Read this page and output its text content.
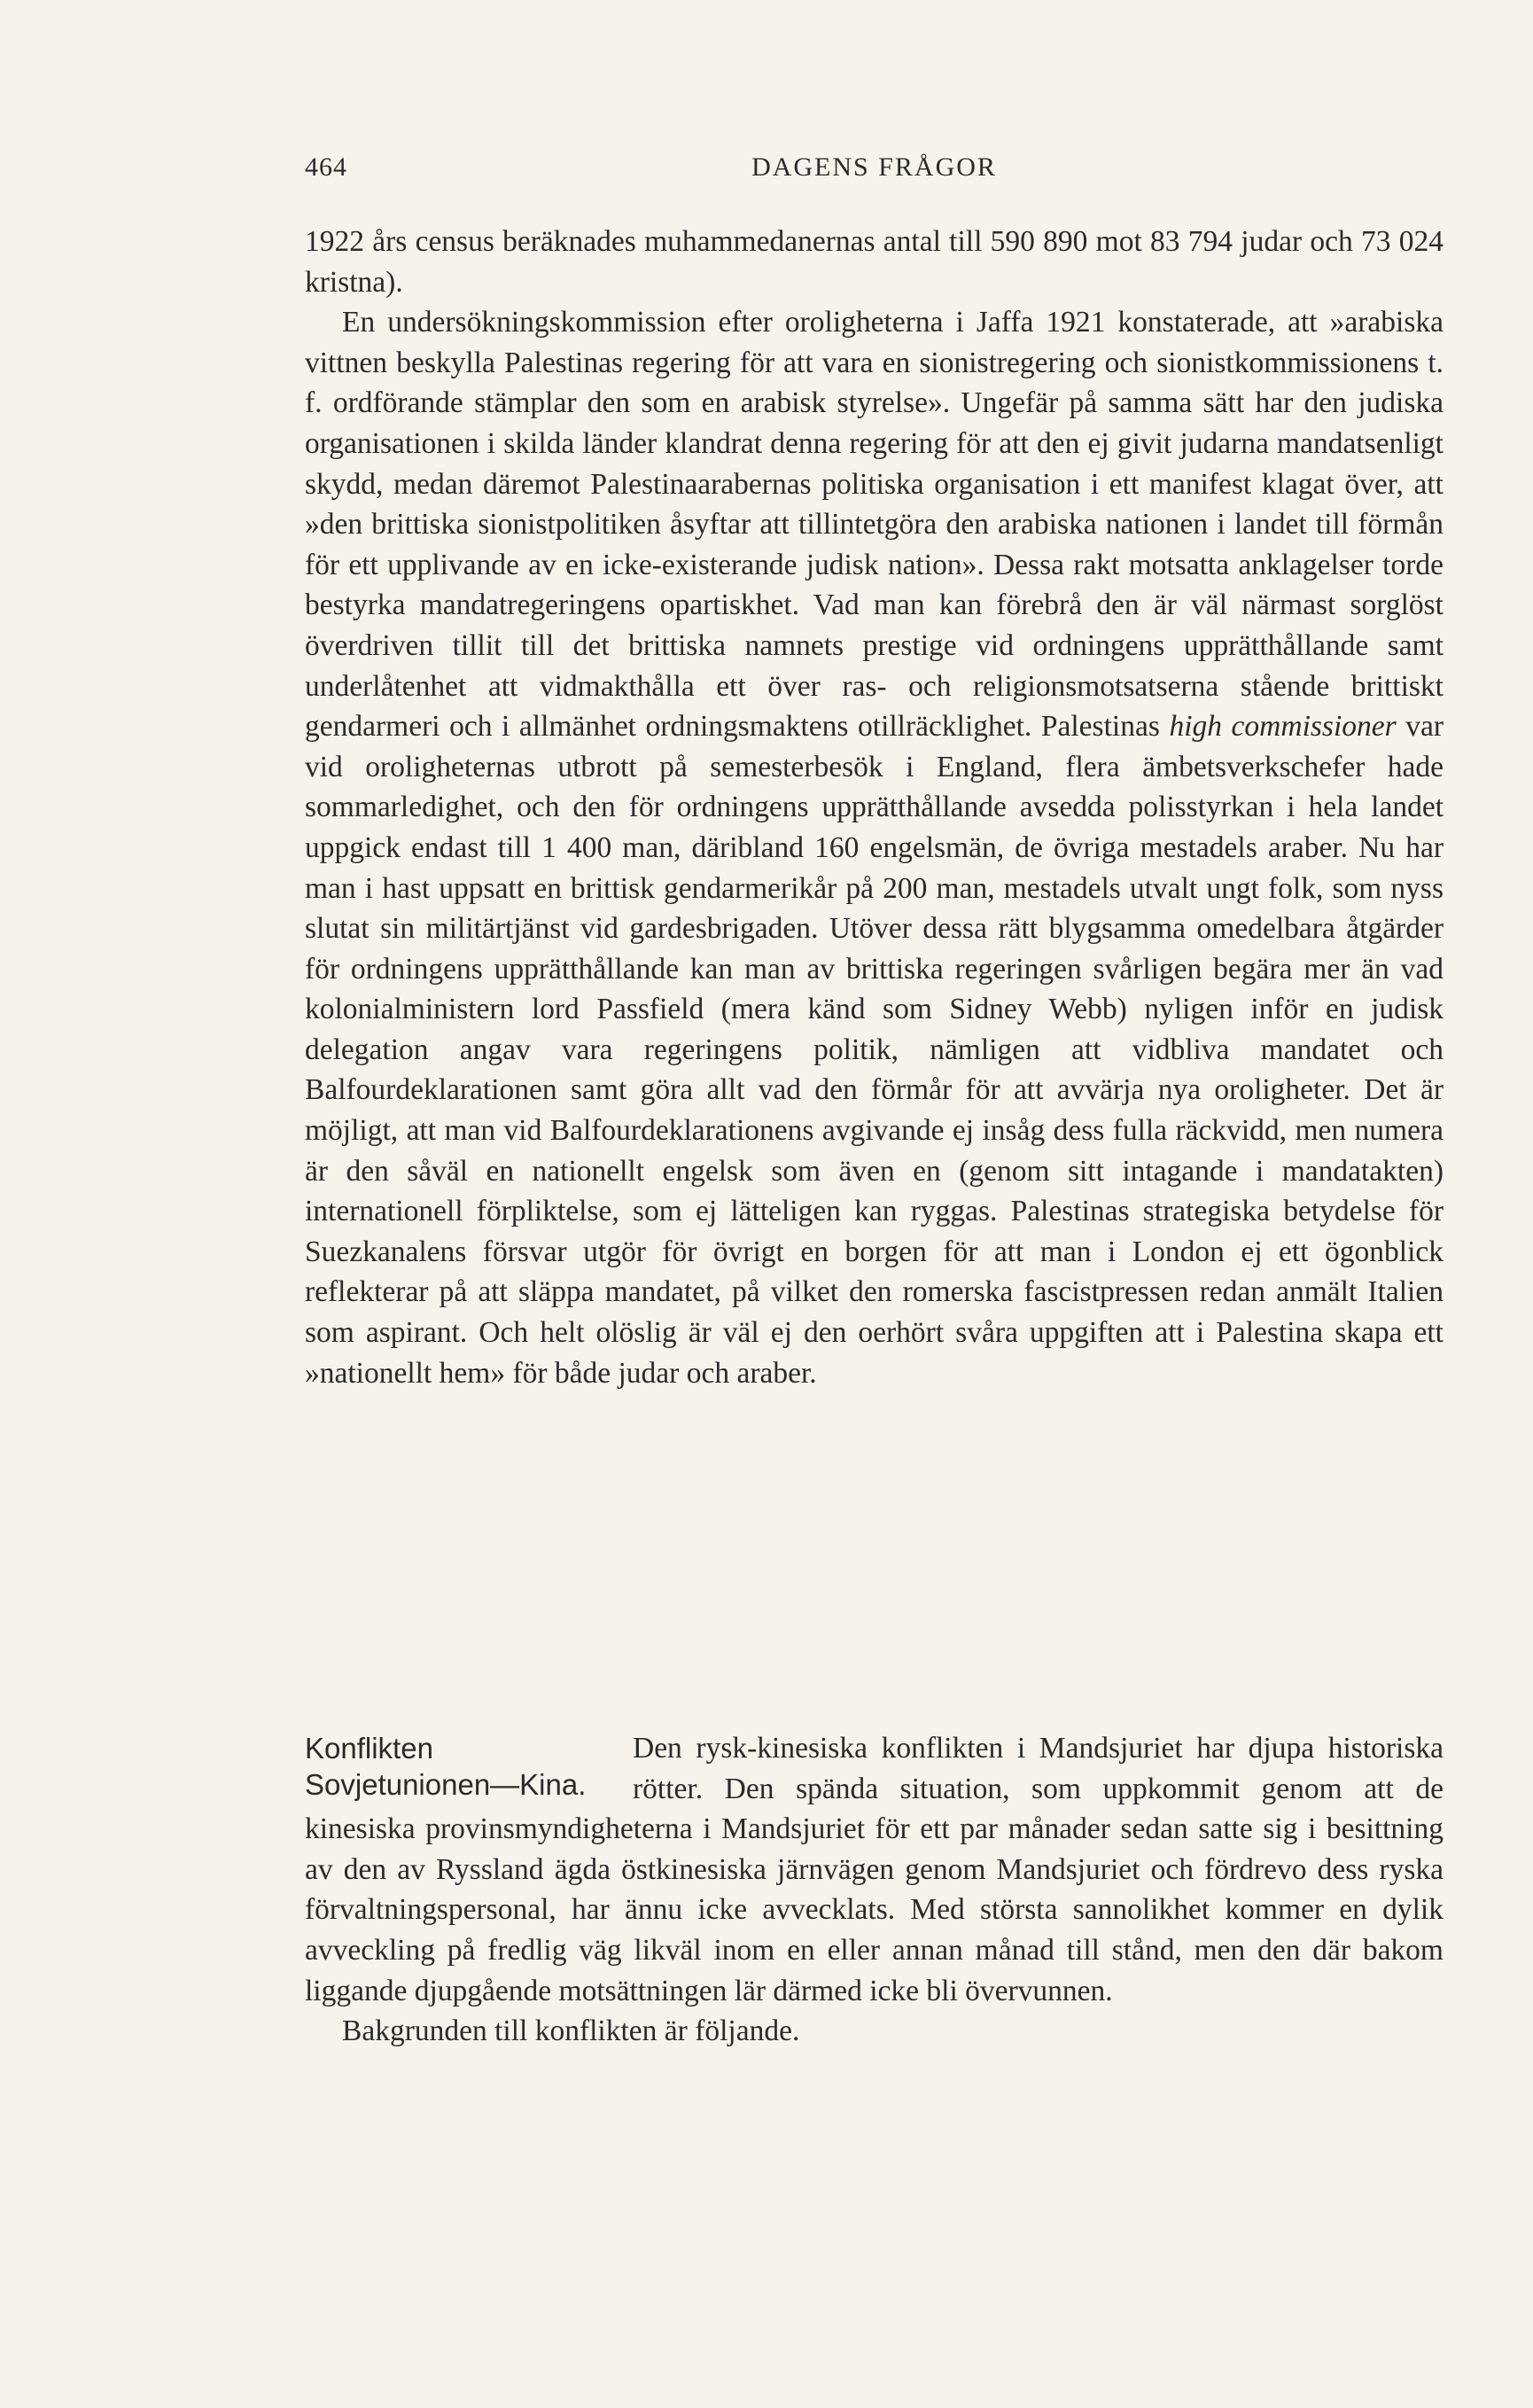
464	DAGENS FRÅGOR

1922 års census beräknades muhammedanernas antal till 590 890 mot 83 794 judar och 73 024 kristna).

En undersökningskommission efter oroligheterna i Jaffa 1921 konstaterade, att »arabiska vittnen beskylla Palestinas regering för att vara en sionistregering och sionistkommissionens t. f. ordförande stämplar den som en arabisk styrelse». Ungefär på samma sätt har den judiska organisationen i skilda länder klandrat denna regering för att den ej givit judarna mandatsenligt skydd, medan däremot Palestinaarabernas politiska organisation i ett manifest klagat över, att »den brittiska sionistpolitiken åsyftar att tillintetgöra den arabiska nationen i landet till förmån för ett upplivande av en icke-existerande judisk nation». Dessa rakt motsatta anklagelser torde bestyrka mandatregeringens opartiskhet. Vad man kan förebrå den är väl närmast sorglöst överdriven tillit till det brittiska namnets prestige vid ordningens upprätthållande samt underlåtenhet att vidmakthålla ett över ras- och religionsmotsatserna stående brittiskt gendarmeri och i allmänhet ordningsmaktens otillräcklighet. Palestinas high commissioner var vid oroligheternas utbrott på semesterbesök i England, flera ämbetsverkschefer hade sommarledighet, och den för ordningens upprätthållande avsedda polisstyrkan i hela landet uppgick endast till 1 400 man, däribland 160 engelsmän, de övriga mestadels araber. Nu har man i hast uppsatt en brittisk gendarmerikår på 200 man, mestadels utvalt ungt folk, som nyss slutat sin militärtjänst vid gardesbrigaden. Utöver dessa rätt blygsamma omedelbara åtgärder för ordningens upprätthållande kan man av brittiska regeringen svårligen begära mer än vad kolonialministern lord Passfield (mera känd som Sidney Webb) nyligen inför en judisk delegation angav vara regeringens politik, nämligen att vidbliva mandatet och Balfourdeklarationen samt göra allt vad den förmår för att avvärja nya oroligheter. Det är möjligt, att man vid Balfourdeklarationens avgivande ej insåg dess fulla räckvidd, men numera är den såväl en nationellt engelsk som även en (genom sitt intagande i mandatakten) internationell förpliktelse, som ej lätteligen kan ryggas. Palestinas strategiska betydelse för Suezkanalens försvar utgör för övrigt en borgen för att man i London ej ett ögonblick reflekterar på att släppa mandatet, på vilket den romerska fascistpressen redan anmält Italien som aspirant. Och helt olöslig är väl ej den oerhört svåra uppgiften att i Palestina skapa ett »nationellt hem» för både judar och araber.

Konflikten Sovjetunionen—Kina.

Den rysk-kinesiska konflikten i Mandsjuriet har djupa historiska rötter. Den spända situation, som uppkommit genom att de kinesiska provinsmyndigheterna i Mandsjuriet för ett par månader sedan satte sig i besittning av den av Ryssland ägda östkinesiska järnvägen genom Mandsjuriet och fördrevo dess ryska förvaltningspersonal, har ännu icke avvecklats. Med största sannolikhet kommer en dylik avveckling på fredlig väg likväl inom en eller annan månad till stånd, men den där bakom liggande djupgående motsättningen lär därmed icke bli övervunnen.

Bakgrunden till konflikten är följande.
